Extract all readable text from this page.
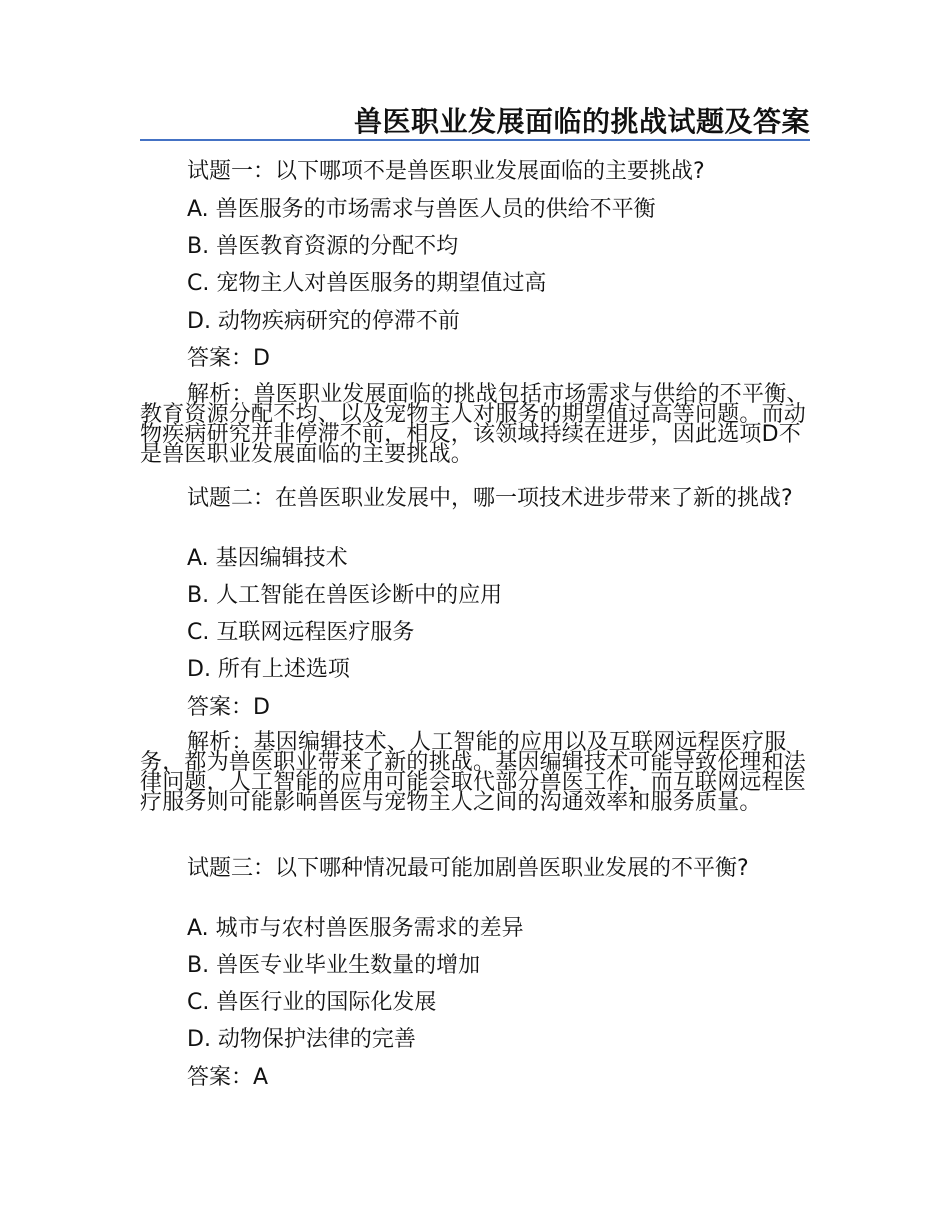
兽医职业发展面临的挑战试题及答案
试题一：以下哪项不是兽医职业发展面临的主要挑战?
A. 兽医服务的市场需求与兽医人员的供给不平衡
B. 兽医教育资源的分配不均
C. 宠物主人对兽医服务的期望值过高
D. 动物疾病研究的停滞不前
答案：D
解析：兽医职业发展面临的挑战包括市场需求与供给的不平衡、教育资源分配不均、以及宠物主人对服务的期望值过高等问题。而动物疾病研究并非停滞不前，相反，该领域持续在进步，因此选项D不是兽医职业发展面临的主要挑战。
试题二：在兽医职业发展中，哪一项技术进步带来了新的挑战?
A. 基因编辑技术
B. 人工智能在兽医诊断中的应用
C. 互联网远程医疗服务
D. 所有上述选项
答案：D
解析：基因编辑技术、人工智能的应用以及互联网远程医疗服务，都为兽医职业带来了新的挑战。基因编辑技术可能导致伦理和法律问题，人工智能的应用可能会取代部分兽医工作，而互联网远程医疗服务则可能影响兽医与宠物主人之间的沟通效率和服务质量。
试题三：以下哪种情况最可能加剧兽医职业发展的不平衡?
A. 城市与农村兽医服务需求的差异
B. 兽医专业毕业生数量的增加
C. 兽医行业的国际化发展
D. 动物保护法律的完善
答案：A
